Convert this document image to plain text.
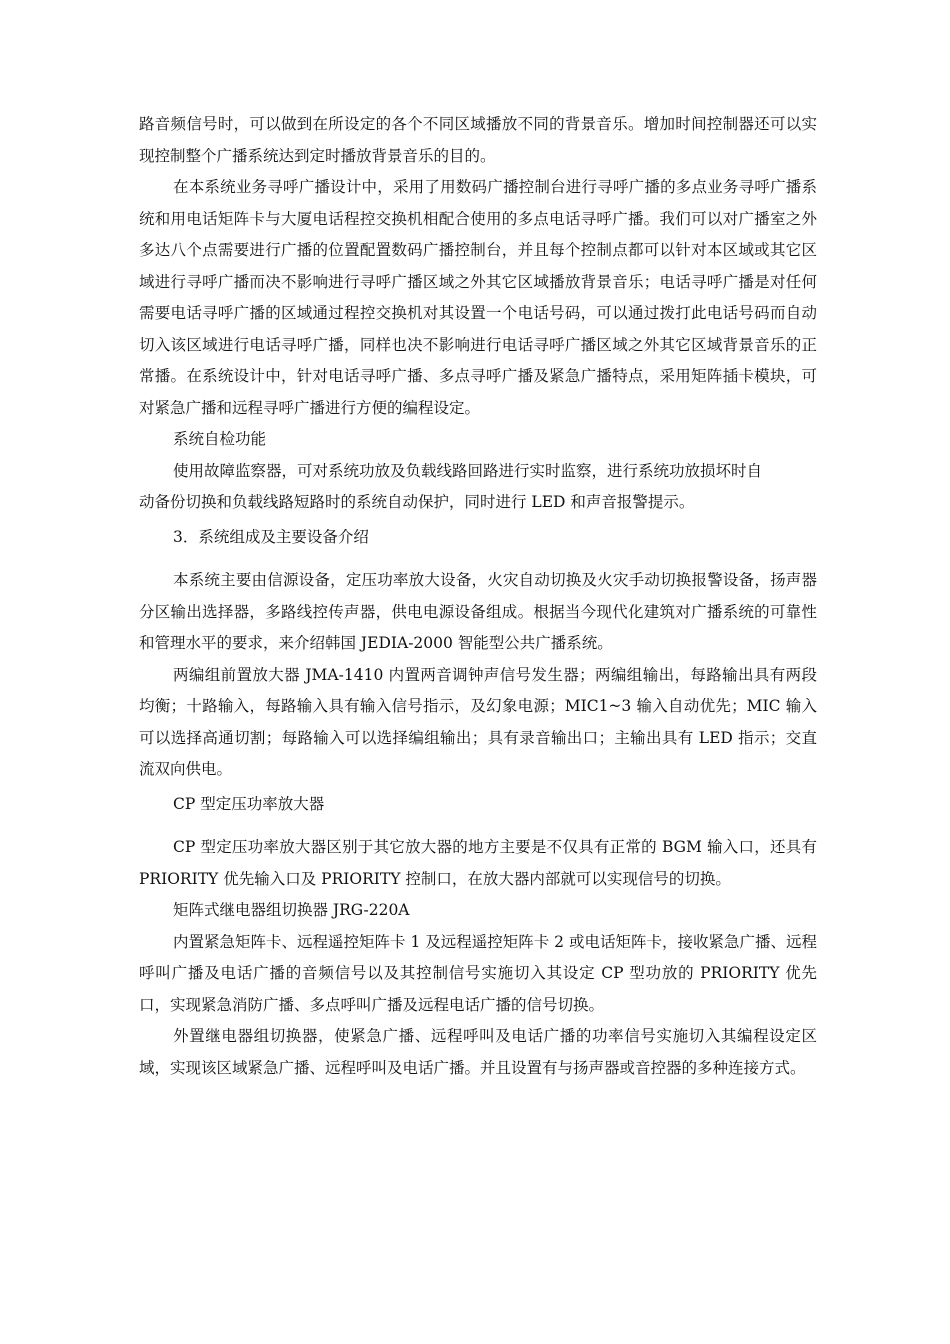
路音频信号时，可以做到在所设定的各个不同区域播放不同的背景音乐。增加时间控制器还可以实现控制整个广播系统达到定时播放背景音乐的目的。

在本系统业务寻呼广播设计中，采用了用数码广播控制台进行寻呼广播的多点业务寻呼广播系统和用电话矩阵卡与大厦电话程控交换机相配合使用的多点电话寻呼广播。我们可以对广播室之外多达八个点需要进行广播的位置配置数码广播控制台，并且每个控制点都可以针对本区域或其它区域进行寻呼广播而决不影响进行寻呼广播区域之外其它区域播放背景音乐；电话寻呼广播是对任何需要电话寻呼广播的区域通过程控交换机对其设置一个电话号码，可以通过拨打此电话号码而自动切入该区域进行电话寻呼广播，同样也决不影响进行电话寻呼广播区域之外其它区域背景音乐的正常播。在系统设计中，针对电话寻呼广播、多点寻呼广播及紧急广播特点，采用矩阵插卡模块，可对紧急广播和远程寻呼广播进行方便的编程设定。

系统自检功能

使用故障监察器，可对系统功放及负载线路回路进行实时监察，进行系统功放损坏时自

动备份切换和负载线路短路时的系统自动保护，同时进行 LED 和声音报警提示。

3．系统组成及主要设备介绍

本系统主要由信源设备，定压功率放大设备，火灾自动切换及火灾手动切换报警设备，扬声器分区输出选择器，多路线控传声器，供电电源设备组成。根据当今现代化建筑对广播系统的可靠性和管理水平的要求，来介绍韩国 JEDIA-2000 智能型公共广播系统。

两编组前置放大器 JMA-1410 内置两音调钟声信号发生器；两编组输出，每路输出具有两段均衡；十路输入，每路输入具有输入信号指示，及幻象电源；MIC1~3 输入自动优先；MIC 输入可以选择高通切割；每路输入可以选择编组输出；具有录音输出口；主输出具有 LED 指示；交直流双向供电。

CP 型定压功率放大器

CP 型定压功率放大器区别于其它放大器的地方主要是不仅具有正常的 BGM 输入口，还具有 PRIORITY 优先输入口及 PRIORITY 控制口，在放大器内部就可以实现信号的切换。

矩阵式继电器组切换器 JRG-220A

内置紧急矩阵卡、远程遥控矩阵卡 1 及远程遥控矩阵卡 2 或电话矩阵卡，接收紧急广播、远程呼叫广播及电话广播的音频信号以及其控制信号实施切入其设定 CP 型功放的 PRIORITY 优先口，实现紧急消防广播、多点呼叫广播及远程电话广播的信号切换。

外置继电器组切换器，使紧急广播、远程呼叫及电话广播的功率信号实施切入其编程设定区域，实现该区域紧急广播、远程呼叫及电话广播。并且设置有与扬声器或音控器的多种连接方式。
